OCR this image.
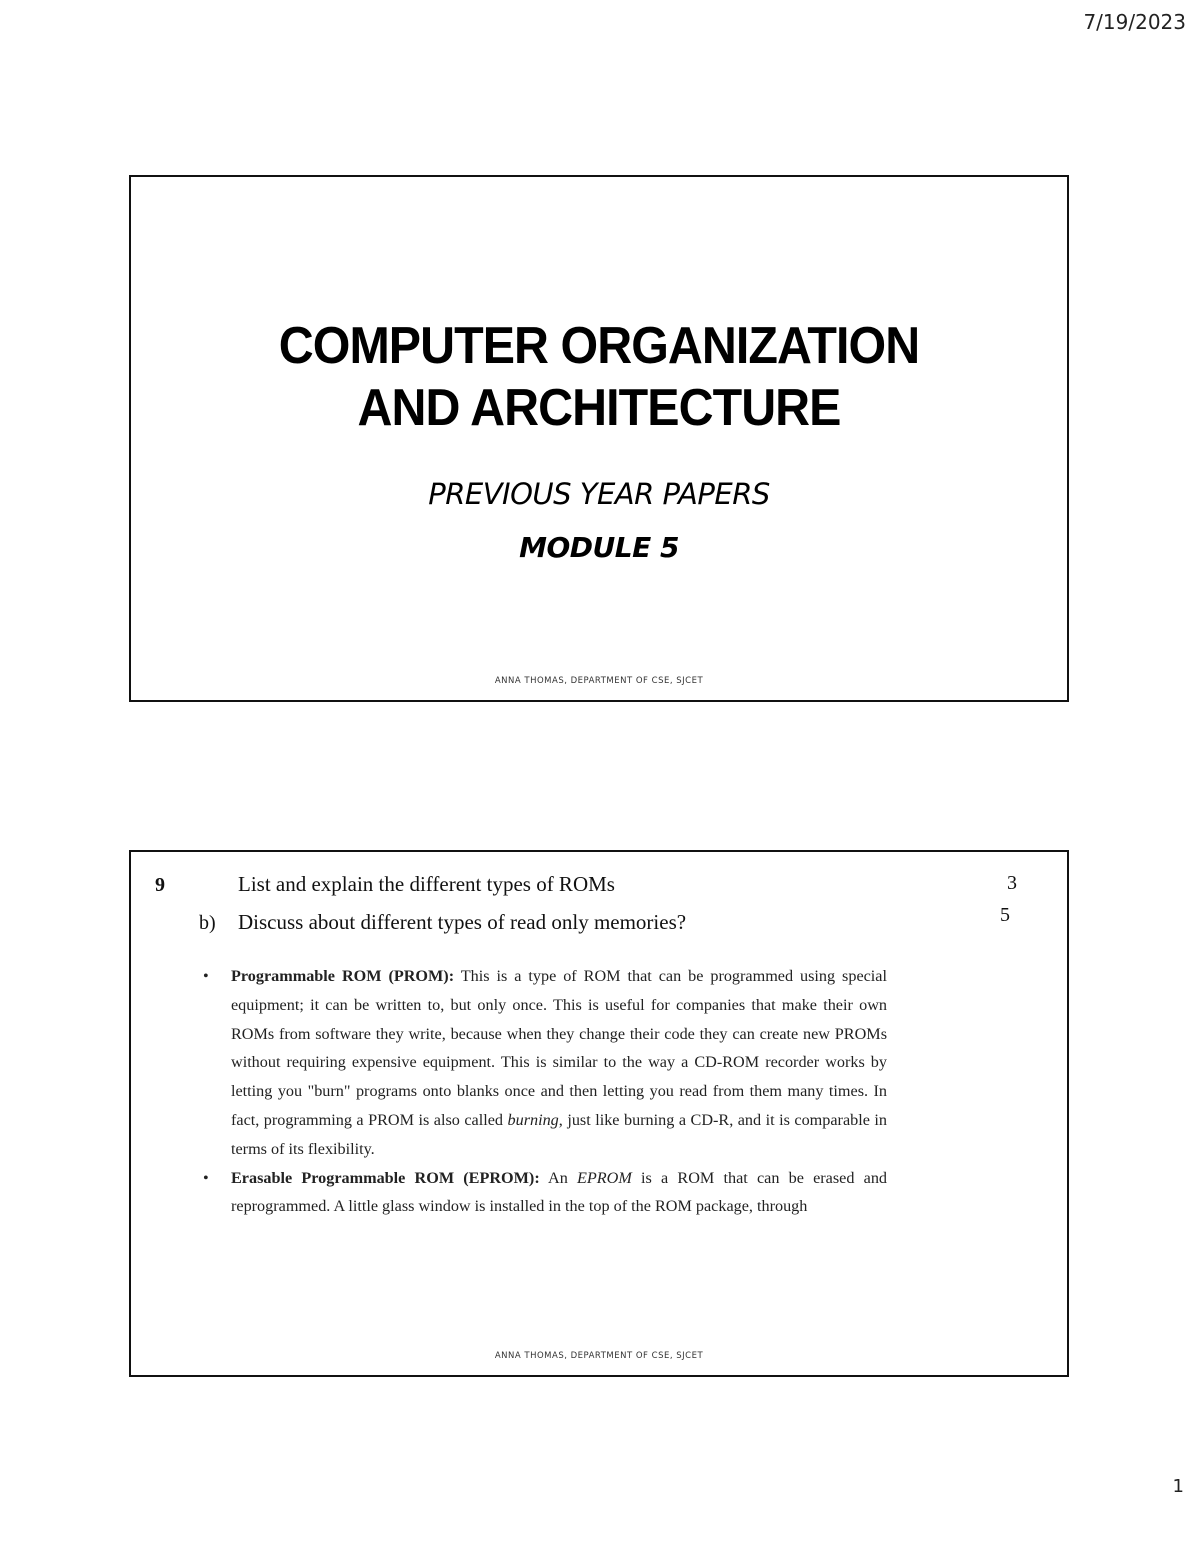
7/19/2023
COMPUTER ORGANIZATION
AND ARCHITECTURE
PREVIOUS YEAR PAPERS
MODULE 5
ANNA THOMAS, DEPARTMENT OF CSE, SJCET
9	List and explain the different types of ROMs	3
b) Discuss about different types of read only memories?	5
• Programmable ROM (PROM): This is a type of ROM that can be programmed using special equipment; it can be written to, but only once. This is useful for companies that make their own ROMs from software they write, because when they change their code they can create new PROMs without requiring expensive equipment. This is similar to the way a CD-ROM recorder works by letting you "burn" programs onto blanks once and then letting you read from them many times. In fact, programming a PROM is also called burning, just like burning a CD-R, and it is comparable in terms of its flexibility.
• Erasable Programmable ROM (EPROM): An EPROM is a ROM that can be erased and reprogrammed. A little glass window is installed in the top of the ROM package, through
ANNA THOMAS, DEPARTMENT OF CSE, SJCET
1
